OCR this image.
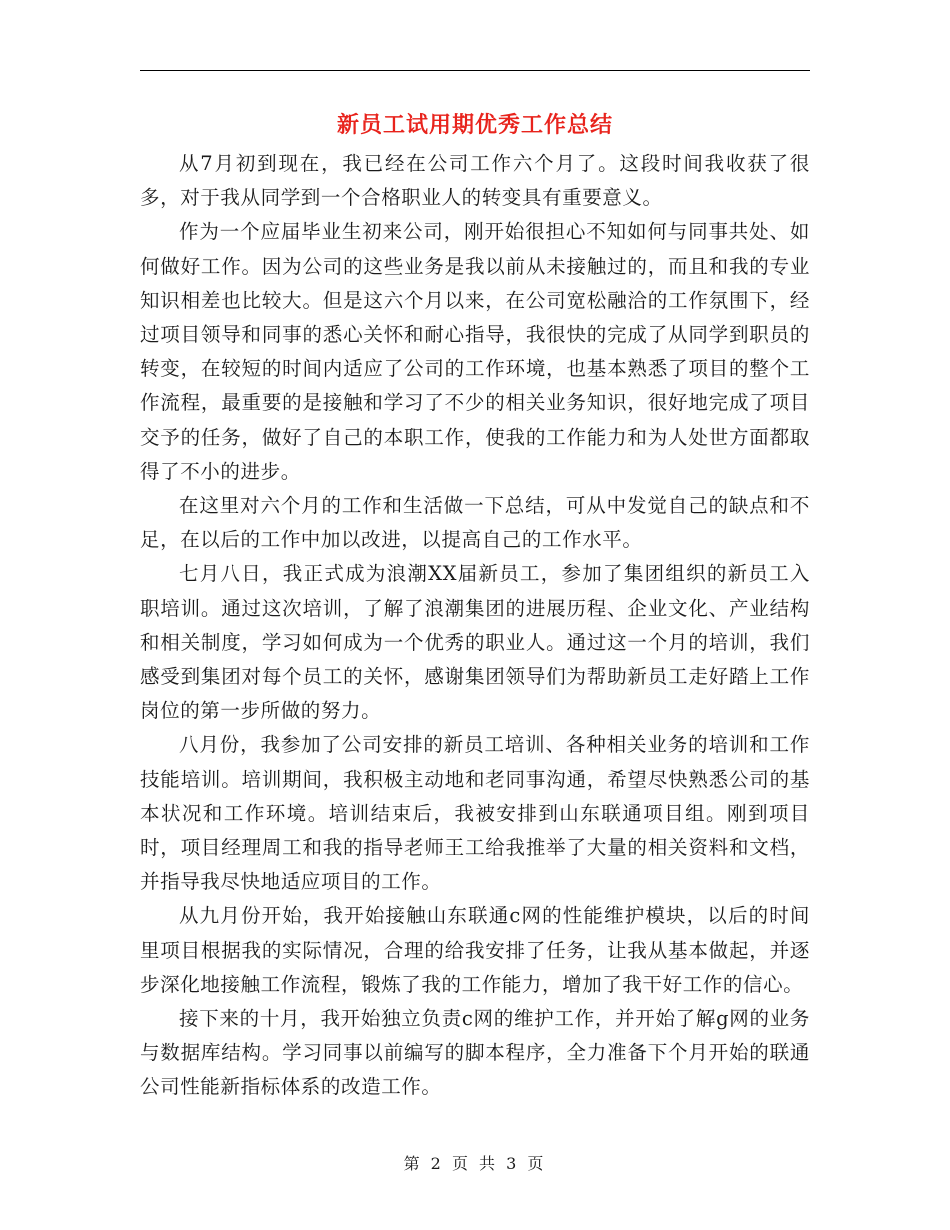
新员工试用期优秀工作总结

从7月初到现在，我已经在公司工作六个月了。这段时间我收获了很多，对于我从同学到一个合格职业人的转变具有重要意义。

作为一个应届毕业生初来公司，刚开始很担心不知如何与同事共处、如何做好工作。因为公司的这些业务是我以前从未接触过的，而且和我的专业知识相差也比较大。但是这六个月以来，在公司宽松融洽的工作氛围下，经过项目领导和同事的悉心关怀和耐心指导，我很快的完成了从同学到职员的转变，在较短的时间内适应了公司的工作环境，也基本熟悉了项目的整个工作流程，最重要的是接触和学习了不少的相关业务知识，很好地完成了项目交予的任务，做好了自己的本职工作，使我的工作能力和为人处世方面都取得了不小的进步。

在这里对六个月的工作和生活做一下总结，可从中发觉自己的缺点和不足，在以后的工作中加以改进，以提高自己的工作水平。

七月八日，我正式成为浪潮XX届新员工，参加了集团组织的新员工入职培训。通过这次培训，了解了浪潮集团的进展历程、企业文化、产业结构和相关制度，学习如何成为一个优秀的职业人。通过这一个月的培训，我们感受到集团对每个员工的关怀，感谢集团领导们为帮助新员工走好踏上工作岗位的第一步所做的努力。

八月份，我参加了公司安排的新员工培训、各种相关业务的培训和工作技能培训。培训期间，我积极主动地和老同事沟通，希望尽快熟悉公司的基本状况和工作环境。培训结束后，我被安排到山东联通项目组。刚到项目时，项目经理周工和我的指导老师王工给我推举了大量的相关资料和文档，并指导我尽快地适应项目的工作。

从九月份开始，我开始接触山东联通c网的性能维护模块，以后的时间里项目根据我的实际情况，合理的给我安排了任务，让我从基本做起，并逐步深化地接触工作流程，锻炼了我的工作能力，增加了我干好工作的信心。

接下来的十月，我开始独立负责c网的维护工作，并开始了解g网的业务与数据库结构。学习同事以前编写的脚本程序，全力准备下个月开始的联通公司性能新指标体系的改造工作。

第 2 页 共 3 页
